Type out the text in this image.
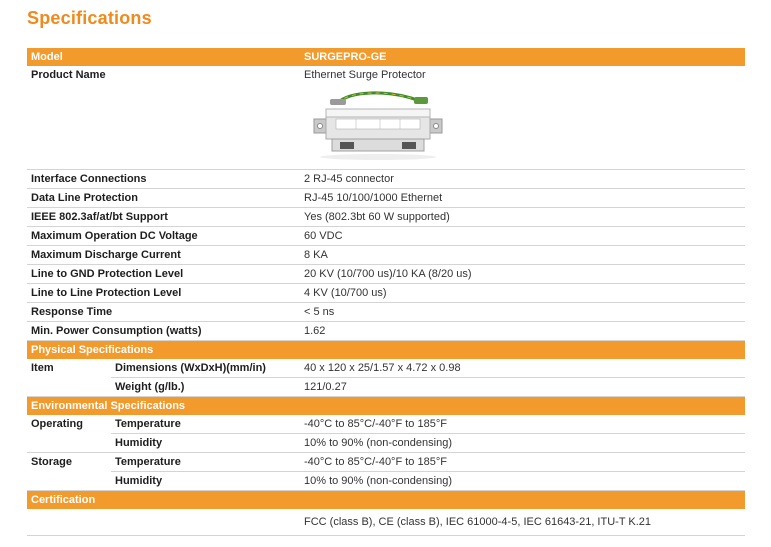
Specifications
Model		SURGEPRO-GE
Product Name		Ethernet Surge Protector

Interface Connections		2 RJ-45 connector
Data Line Protection		RJ-45 10/100/1000 Ethernet
IEEE 802.3af/at/bt Support		Yes (802.3bt 60 W supported)
Maximum Operation DC Voltage		60 VDC
Maximum Discharge Current		8 KA
Line to GND Protection Level		20 KV (10/700 us)/10 KA (8/20 us)
Line to Line Protection Level		4 KV (10/700 us)
Response Time		< 5 ns
Min. Power Consumption (watts)		1.62
Physical Specifications		
Item	Dimensions (WxDxH)(mm/in)	40 x 120 x 25/1.57 x 4.72 x 0.98
	Weight (g/lb.)	121/0.27
Environmental Specifications		
Operating	Temperature	-40°C to 85°C/-40°F to 185°F
	Humidity	10% to 90% (non-condensing)
Storage	Temperature	-40°C to 85°C/-40°F to 185°F
	Humidity	10% to 90% (non-condensing)
Certification		
		FCC (class B), CE (class B), IEC 61000-4-5, IEC 61643-21, ITU-T K.21
